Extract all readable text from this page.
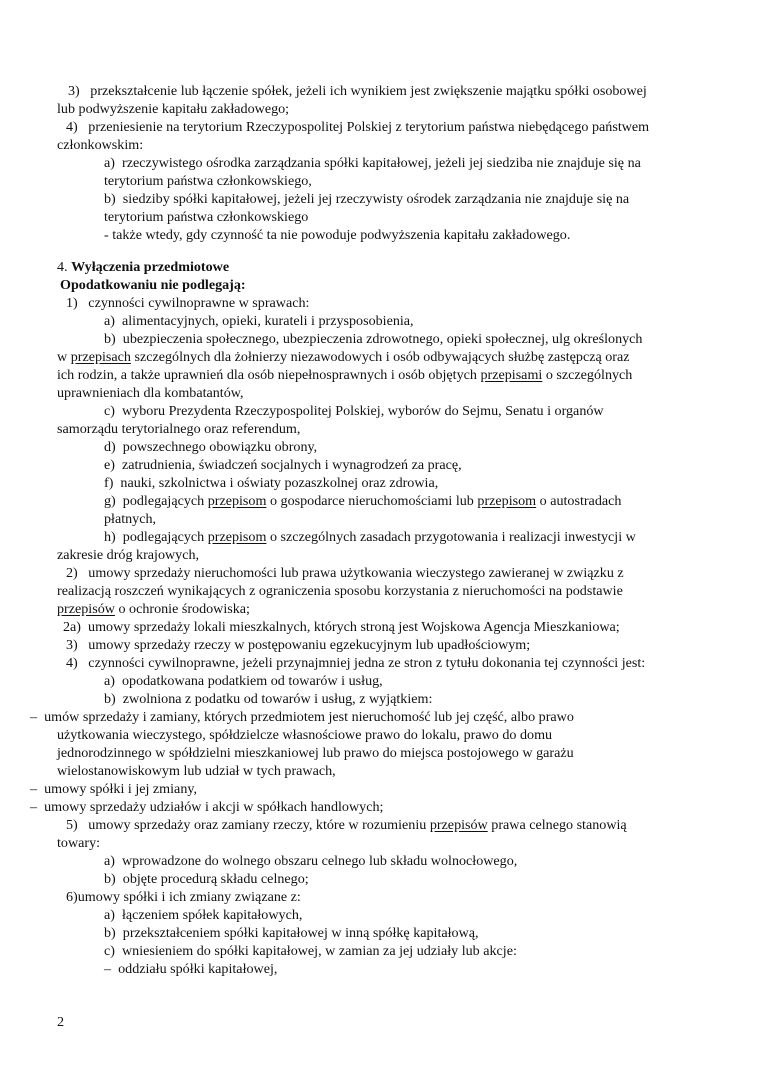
3)   przekształcenie lub łączenie spółek, jeżeli ich wynikiem jest zwiększenie majątku spółki osobowej
lub podwyższenie kapitału zakładowego;
4)   przeniesienie na terytorium Rzeczypospolitej Polskiej z terytorium państwa niebędącego państwem
członkowskim:
a)  rzeczywistego ośrodka zarządzania spółki kapitałowej, jeżeli jej siedziba nie znajduje się na
terytorium państwa członkowskiego,
b)  siedziby spółki kapitałowej, jeżeli jej rzeczywisty ośrodek zarządzania nie znajduje się na
terytorium państwa członkowskiego
- także wtedy, gdy czynność ta nie powoduje podwyższenia kapitału zakładowego.
4. Wyłączenia przedmiotowe
Opodatkowaniu nie podlegają:
1)   czynności cywilnoprawne w sprawach:
a)  alimentacyjnych, opieki, kurateli i przysposobienia,
b)  ubezpieczenia społecznego, ubezpieczenia zdrowotnego, opieki społecznej, ulg określonych
w przepisach szczególnych dla żołnierzy niezawodowych i osób odbywających służbę zastępczą oraz
ich rodzin, a także uprawnień dla osób niepełnosprawnych i osób objętych przepisami o szczególnych
uprawnieniach dla kombatantów,
c)  wyboru Prezydenta Rzeczypospolitej Polskiej, wyborów do Sejmu, Senatu i organów
samorządu terytorialnego oraz referendum,
d)  powszechnego obowiązku obrony,
e)  zatrudnienia, świadczeń socjalnych i wynagrodzeń za pracę,
f)  nauki, szkolnictwa i oświaty pozaszkolnej oraz zdrowia,
g)  podlegających przepisom o gospodarce nieruchomościami lub przepisom o autostradach
płatnych,
h)  podlegających przepisom o szczególnych zasadach przygotowania i realizacji inwestycji w
zakresie dróg krajowych,
2)   umowy sprzedaży nieruchomości lub prawa użytkowania wieczystego zawieranej w związku z
realizacją roszczeń wynikających z ograniczenia sposobu korzystania z nieruchomości na podstawie
przepisów o ochronie środowiska;
2a)  umowy sprzedaży lokali mieszkalnych, których stroną jest Wojskowa Agencja Mieszkaniowa;
3)   umowy sprzedaży rzeczy w postępowaniu egzekucyjnym lub upadłościowym;
4)   czynności cywilnoprawne, jeżeli przynajmniej jedna ze stron z tytułu dokonania tej czynności jest:
a)  opodatkowana podatkiem od towarów i usług,
b)  zwolniona z podatku od towarów i usług, z wyjątkiem:
–  umów sprzedaży i zamiany, których przedmiotem jest nieruchomość lub jej część, albo prawo
użytkowania wieczystego, spółdzielcze własnościowe prawo do lokalu, prawo do domu
jednorodzinnego w spółdzielni mieszkaniowej lub prawo do miejsca postojowego w garażu
wielostanowiskowym lub udział w tych prawach,
–  umowy spółki i jej zmiany,
–  umowy sprzedaży udziałów i akcji w spółkach handlowych;
5)   umowy sprzedaży oraz zamiany rzeczy, które w rozumieniu przepisów prawa celnego stanowią
towary:
a)  wprowadzone do wolnego obszaru celnego lub składu wolnocłowego,
b)  objęte procedurą składu celnego;
6)umowy spółki i ich zmiany związane z:
a)  łączeniem spółek kapitałowych,
b)  przekształceniem spółki kapitałowej w inną spółkę kapitałową,
c)  wniesieniem do spółki kapitałowej, w zamian za jej udziały lub akcje:
–  oddziału spółki kapitałowej,
2
